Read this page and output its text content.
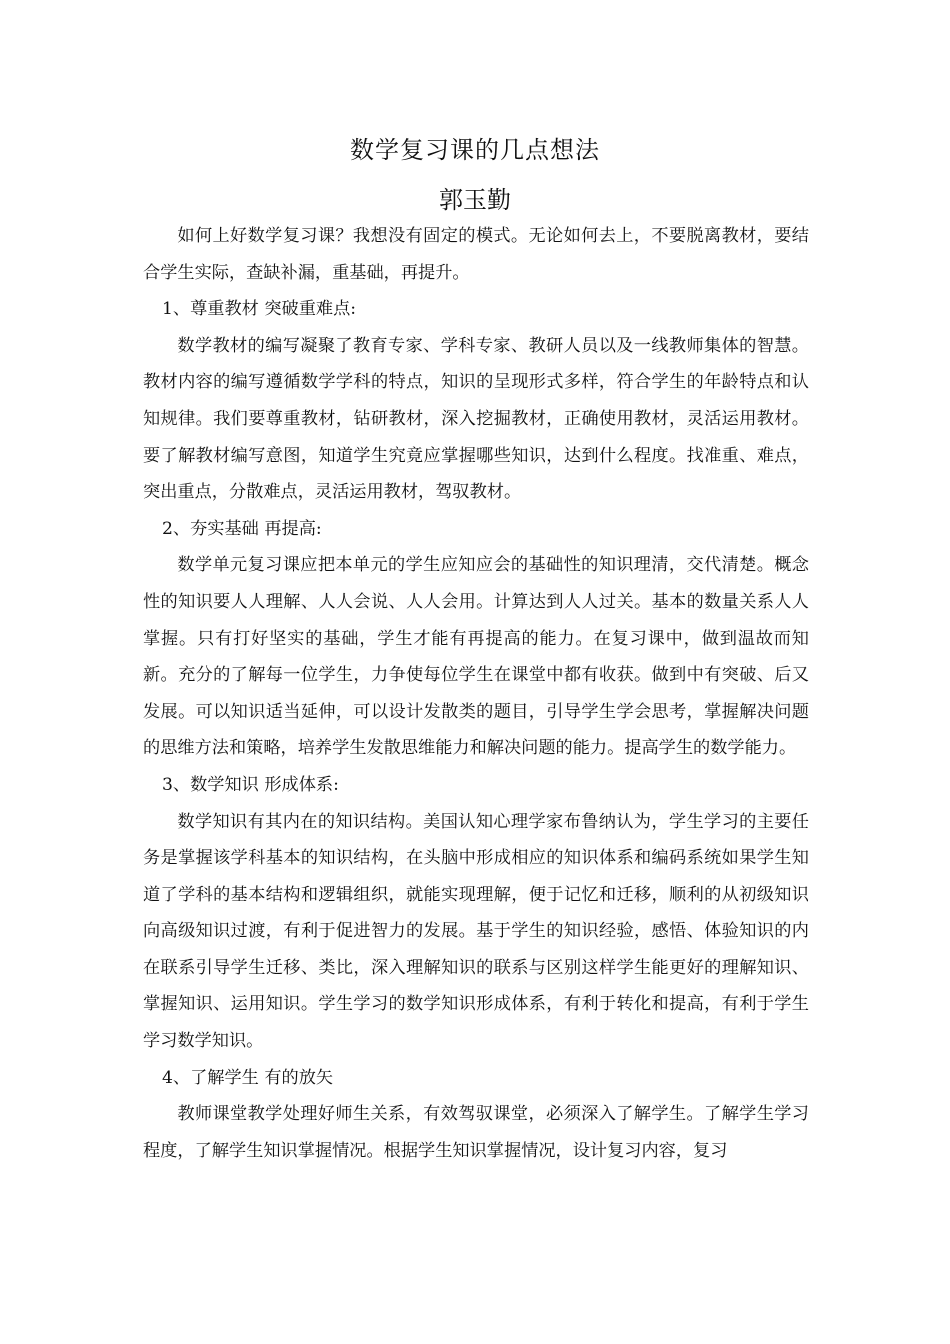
数学复习课的几点想法
郭玉勤

如何上好数学复习课？我想没有固定的模式。无论如何去上，不要脱离教材，要结合学生实际，查缺补漏，重基础，再提升。

1、尊重教材 突破重难点:

数学教材的编写凝聚了教育专家、学科专家、教研人员以及一线教师集体的智慧。教材内容的编写遵循数学学科的特点，知识的呈现形式多样，符合学生的年龄特点和认知规律。我们要尊重教材，钻研教材，深入挖掘教材，正确使用教材，灵活运用教材。要了解教材编写意图，知道学生究竟应掌握哪些知识，达到什么程度。找准重、难点，突出重点，分散难点，灵活运用教材，驾驭教材。

2、夯实基础 再提高:

数学单元复习课应把本单元的学生应知应会的基础性的知识理清，交代清楚。概念性的知识要人人理解、人人会说、人人会用。计算达到人人过关。基本的数量关系人人掌握。只有打好坚实的基础，学生才能有再提高的能力。在复习课中，做到温故而知新。充分的了解每一位学生，力争使每位学生在课堂中都有收获。做到中有突破、后又发展。可以知识适当延伸，可以设计发散类的题目，引导学生学会思考，掌握解决问题的思维方法和策略，培养学生发散思维能力和解决问题的能力。提高学生的数学能力。

3、数学知识 形成体系:

数学知识有其内在的知识结构。美国认知心理学家布鲁纳认为，学生学习的主要任务是掌握该学科基本的知识结构，在头脑中形成相应的知识体系和编码系统如果学生知道了学科的基本结构和逻辑组织，就能实现理解，便于记忆和迁移，顺利的从初级知识向高级知识过渡，有利于促进智力的发展。基于学生的知识经验，感悟、体验知识的内在联系引导学生迁移、类比，深入理解知识的联系与区别这样学生能更好的理解知识、掌握知识、运用知识。学生学习的数学知识形成体系，有利于转化和提高，有利于学生学习数学知识。

4、了解学生 有的放矢

教师课堂教学处理好师生关系，有效驾驭课堂，必须深入了解学生。了解学生学习程度，了解学生知识掌握情况。根据学生知识掌握情况，设计复习内容，复习
